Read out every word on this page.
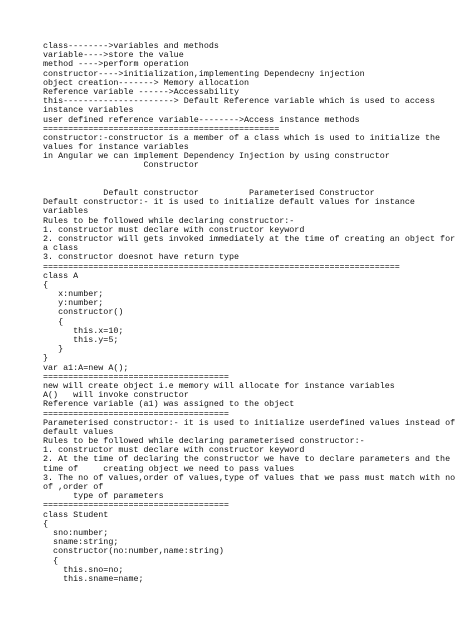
class-------->variables and methods
variable---->store the value
method ---->perform operation
constructor---->initialization,implementing Dependecny injection
object creation-------> Memory allocation
Reference variable ------>Accessability
this----------------------> Default Reference variable which is used to access
instance variables
user defined reference variable-------->Access instance methods
===============================================
constructor:-constructor is a member of a class which is used to initialize the
values for instance variables
in Angular we can implement Dependency Injection by using constructor
Constructor
Default constructor          Parameterised Constructor
Default constructor:- it is used to initialize default values for instance
variables
Rules to be followed while declaring constructor:-
1. constructor must declare with constructor keyword
2. constructor will gets invoked immediately at the time of creating an object for
a class
3. constructor doesnot have return type
=======================================================================
class A
{
x:number;
y:number;
constructor()
{
this.x=10;
this.y=5;
}
}
var a1:A=new A();
=====================================
new will create object i.e memory will allocate for instance variables
A()   will invoke constructor
Reference variable (a1) was assigned to the object
=====================================
Parameterised constructor:- it is used to initialize userdefined values instead of
default values
Rules to be followed while declaring parameterised constructor:-
1. constructor must declare with constructor keyword
2. At the time of declaring the constructor we have to declare parameters and the
time of     creating object we need to pass values
3. The no of values,order of values,type of values that we pass must match with no
of ,order of
type of parameters
=====================================
class Student
{
sno:number;
sname:string;
constructor(no:number,name:string)
{
this.sno=no;
this.sname=name;
